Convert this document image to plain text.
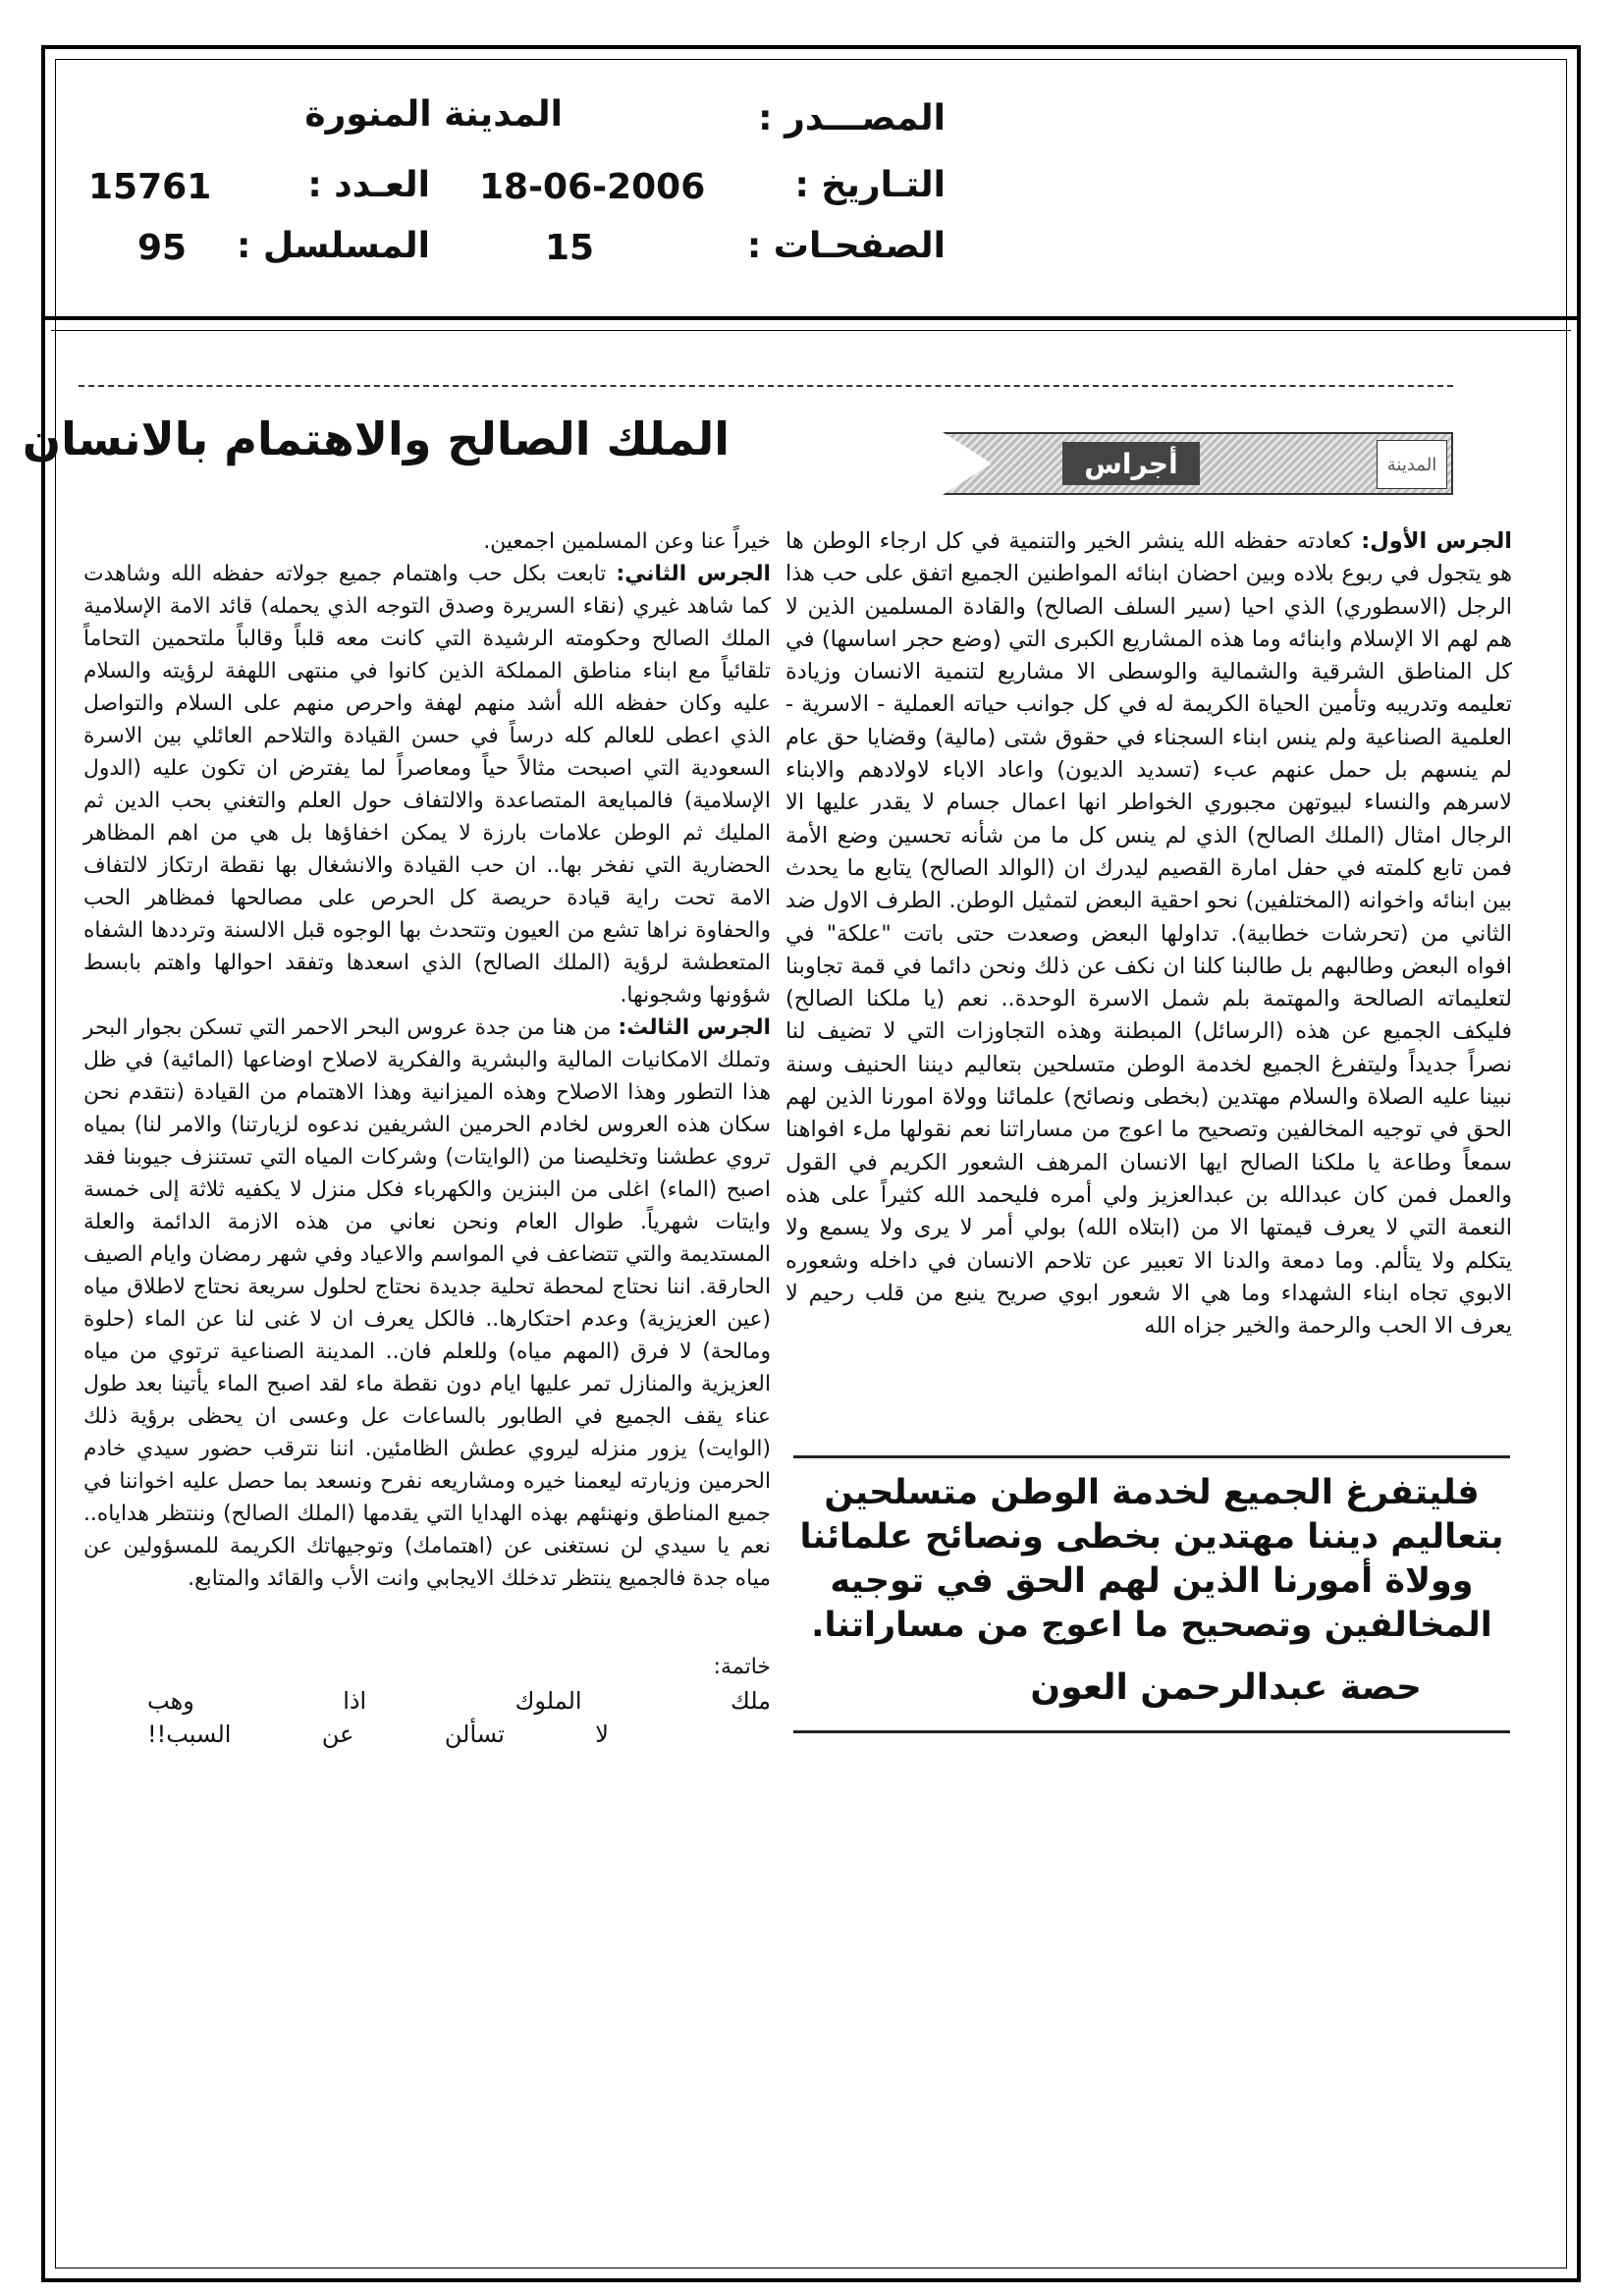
المصـــدر :
المدينة المنورة
التـاريخ :
18-06-2006
العـدد :
15761
الصفحـات :
15
المسلسل :
95
أجراس	المدينة
الملك الصالح والاهتمام بالانسان

الجرس الأول: كعادته حفظه الله ينشر الخير والتنمية في كل ارجاء الوطن ها هو يتجول في ربوع بلاده وبين احضان ابنائه المواطنين الجميع اتفق على حب هذا الرجل (الاسطوري) الذي احيا (سير السلف الصالح) والقادة المسلمين الذين لا هم لهم الا الإسلام وابنائه وما هذه المشاريع الكبرى التي (وضع حجر اساسها) في كل المناطق الشرقية والشمالية والوسطى الا مشاريع لتنمية الانسان وزيادة تعليمه وتدريبه وتأمين الحياة الكريمة له في كل جوانب حياته العملية - الاسرية - العلمية الصناعية ولم ينس ابناء السجناء في حقوق شتى (مالية) وقضايا حق عام لم ينسهم بل حمل عنهم عبء (تسديد الديون) واعاد الاباء لاولادهم والابناء لاسرهم والنساء لبيوتهن مجبوري الخواطر انها اعمال جسام لا يقدر عليها الا الرجال امثال (الملك الصالح) الذي لم ينس كل ما من شأنه تحسين وضع الأمة فمن تابع كلمته في حفل امارة القصيم ليدرك ان (الوالد الصالح) يتابع ما يحدث بين ابنائه واخوانه (المختلفين) نحو احقية البعض لتمثيل الوطن. الطرف الاول ضد الثاني من (تحرشات خطابية). تداولها البعض وصعدت حتى باتت "علكة" في افواه البعض وطالبهم بل طالبنا كلنا ان نكف عن ذلك ونحن دائما في قمة تجاوبنا لتعليماته الصالحة والمهتمة بلم شمل الاسرة الوحدة.. نعم (يا ملكنا الصالح) فليكف الجميع عن هذه (الرسائل) المبطنة وهذه التجاوزات التي لا تضيف لنا نصراً جديداً وليتفرغ الجميع لخدمة الوطن متسلحين بتعاليم ديننا الحنيف وسنة نبينا عليه الصلاة والسلام مهتدين (بخطى ونصائح) علمائنا وولاة امورنا الذين لهم الحق في توجيه المخالفين وتصحيح ما اعوج من مساراتنا نعم نقولها ملء افواهنا سمعاً وطاعة يا ملكنا الصالح ايها الانسان المرهف الشعور الكريم في القول والعمل فمن كان عبدالله بن عبدالعزيز ولي أمره فليحمد الله كثيراً على هذه النعمة التي لا يعرف قيمتها الا من (ابتلاه الله) بولي أمر لا يرى ولا يسمع ولا يتكلم ولا يتألم. وما دمعة والدنا الا تعبير عن تلاحم الانسان في داخله وشعوره الابوي تجاه ابناء الشهداء وما هي الا شعور ابوي صريح ينبع من قلب رحيم لا يعرف الا الحب والرحمة والخير جزاه الله

فليتفرغ الجميع لخدمة الوطن متسلحين بتعاليم ديننا مهتدين بخطى ونصائح علمائنا وولاة أمورنا الذين لهم الحق في توجيه المخالفين وتصحيح ما اعوج من مساراتنا.
حصة عبدالرحمن العون

خيراً عنا وعن المسلمين اجمعين.

الجرس الثاني: تابعت بكل حب واهتمام جميع جولاته حفظه الله وشاهدت كما شاهد غيري (نقاء السريرة وصدق التوجه الذي يحمله) قائد الامة الإسلامية الملك الصالح وحكومته الرشيدة التي كانت معه قلباً وقالباً ملتحمين التحاماً تلقائياً مع ابناء مناطق المملكة الذين كانوا في منتهى اللهفة لرؤيته والسلام عليه وكان حفظه الله أشد منهم لهفة واحرص منهم على السلام والتواصل الذي اعطى للعالم كله درساً في حسن القيادة والتلاحم العائلي بين الاسرة السعودية التي اصبحت مثالاً حياً ومعاصراً لما يفترض ان تكون عليه (الدول الإسلامية) فالمبايعة المتصاعدة والالتفاف حول العلم والتغني بحب الدين ثم المليك ثم الوطن علامات بارزة لا يمكن اخفاؤها بل هي من اهم المظاهر الحضارية التي نفخر بها.. ان حب القيادة والانشغال بها نقطة ارتكاز لالتفاف الامة تحت راية قيادة حريصة كل الحرص على مصالحها فمظاهر الحب والحفاوة نراها تشع من العيون وتتحدث بها الوجوه قبل الالسنة وترددها الشفاه المتعطشة لرؤية (الملك الصالح) الذي اسعدها وتفقد احوالها واهتم بابسط شؤونها وشجونها.

الجرس الثالث: من هنا من جدة عروس البحر الاحمر التي تسكن بجوار البحر وتملك الامكانيات المالية والبشرية والفكرية لاصلاح اوضاعها (المائية) في ظل هذا التطور وهذا الاصلاح وهذه الميزانية وهذا الاهتمام من القيادة (نتقدم نحن سكان هذه العروس لخادم الحرمين الشريفين ندعوه لزيارتنا) والامر لنا) بمياه تروي عطشنا وتخليصنا من (الوايتات) وشركات المياه التي تستنزف جيوبنا فقد اصبح (الماء) اغلى من البنزين والكهرباء فكل منزل لا يكفيه ثلاثة إلى خمسة وايتات شهرياً. طوال العام ونحن نعاني من هذه الازمة الدائمة والعلة المستديمة والتي تتضاعف في المواسم والاعياد وفي شهر رمضان وايام الصيف الحارقة. اننا نحتاج لمحطة تحلية جديدة نحتاج لحلول سريعة نحتاج لاطلاق مياه (عين العزيزية) وعدم احتكارها.. فالكل يعرف ان لا غنى لنا عن الماء (حلوة ومالحة) لا فرق (المهم مياه) وللعلم فان.. المدينة الصناعية ترتوي من مياه العزيزية والمنازل تمر عليها ايام دون نقطة ماء لقد اصبح الماء يأتينا بعد طول عناء يقف الجميع في الطابور بالساعات عل وعسى ان يحظى برؤية ذلك (الوايت) يزور منزله ليروي عطش الظامئين. اننا نترقب حضور سيدي خادم الحرمين وزيارته ليعمنا خيره ومشاريعه نفرح ونسعد بما حصل عليه اخواننا في جميع المناطق ونهنئهم بهذه الهدايا التي يقدمها (الملك الصالح) وننتظر هداياه.. نعم يا سيدي لن نستغنى عن (اهتمامك) وتوجيهاتك الكريمة للمسؤولين عن مياه جدة فالجميع ينتظر تدخلك الايجابي وانت الأب والقائد والمتابع.

خاتمة:
ملك الملوك اذا وهب
لا تسألن عن السبب!!
